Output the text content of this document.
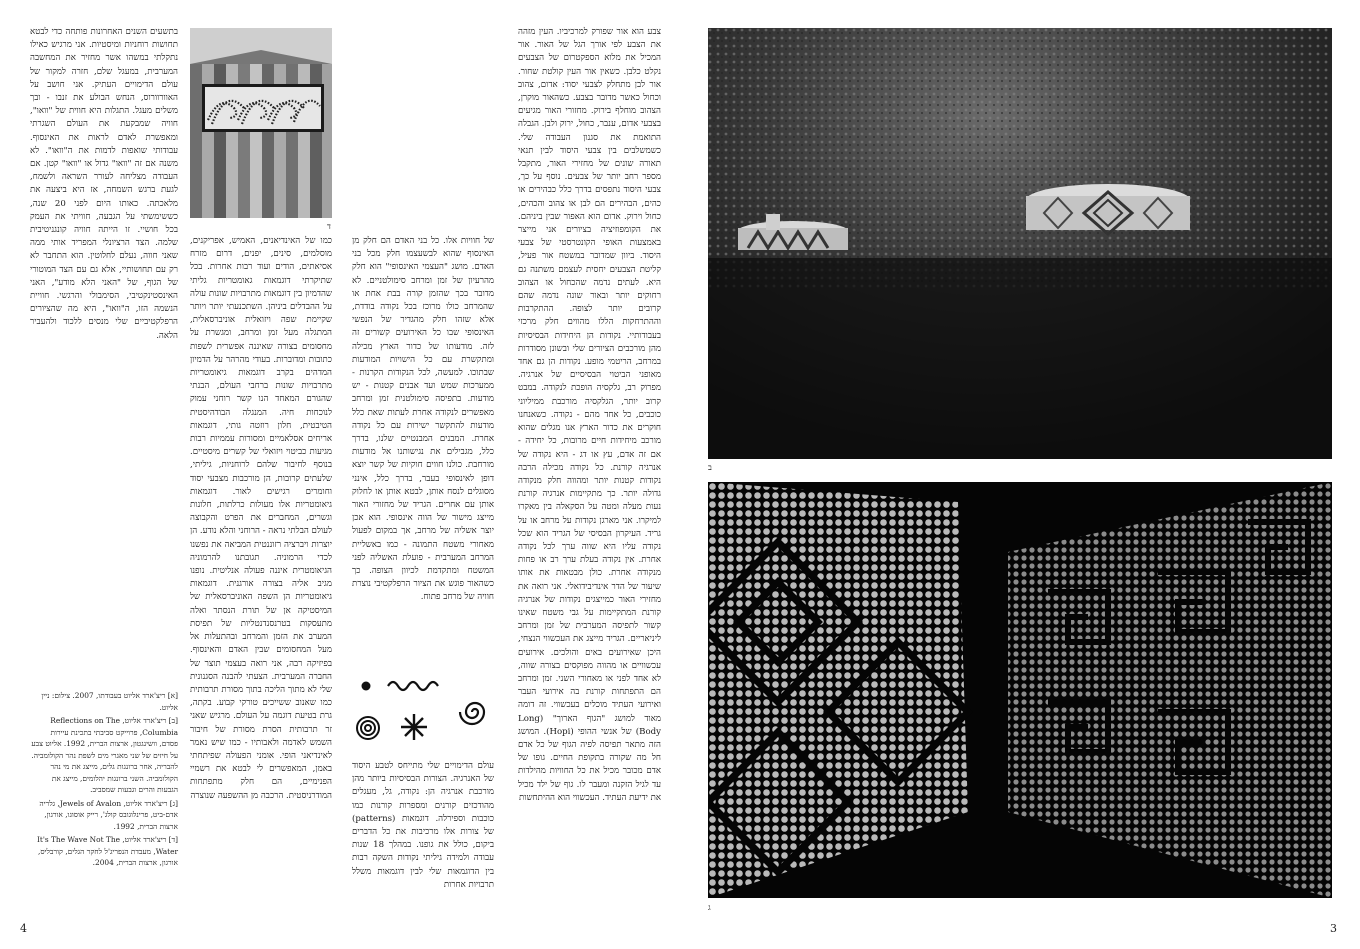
בתשעים השנים האחרונות פותחה כדי לבטא תחושות רוחניות ומיסטיות. אני מרגיש כאילו נתקלתי במשהו אשר מחזיר את המחשבה המערבית, במעגל שלם, חזרה למקור של עולם הדימויים העתיק. אני חושב על האוורוורוס, הנחש הבולע את זנבו - ובך משלים מעגל. התגלות היא חווית של "וואו", חוויה שמבקעת את העולם השגרתי ומאפשרת לאדם לראות את האינסוף. עבודותי שואפות לדמות את ה"וואו". לא משנה אם זה "וואו" גדול או "וואו" קטן. אם העבודה מצליחה לעורר השראה ולשמח, לגעת ברגש השמחה, אז היא ביצעה את מלאכתה. כאותו היום לפני 20 שנה, כששימשתי על הגבעה, חוויתי את העמק בכל חושיי. זו הייתה חוויה קונגניטיבית שלמה. הצד הרציונלי המפריד אותי ממה שאני חווה, נעלם לחלוטין. הוא התחבר לא רק עם תחושותיי, אלא גם עם הצד המוטורי של הגוף, של "האני הלא מודע", האני האינסטינקטיבי, הסימבולי והרגשי. חוויית הנשמה הזו, ה"וואו", היא מה שהציורים הרפלקטיביים שלי מנסים ללכוד ולהעביר הלאה.

ד

כמו של האינדיאנים, האמיש, אפריקנים, מוסלמים, סינים, יפנים, דרום מזרח אסיאתים, הודים ועוד רבות אחרות. בכל שתיקרתי דוגמאות גאומטריות גליתי שהדמיון בין דוגמאות מתרבויות שונות עולה על ההבדלים ביניהן. השתכנעתי יותר ויותר שקיימת שפה ויזואלית אוניברסאלית, המתגלה מעל זמן ומרחב, ומגשרת על מחסומים בצורה שאיננה אפשרית לשפות כתובות ומדוברות. בעודי מהרהר על הדמיון המדהים בקרב דוגמאות גיאומטריות מתרבויות שונות ברחבי העולם, הבנתי שהגורם המאחד הנו קשר רוחני עמוק לנוכחות חיה. המנגלה הבודהיסטית הטיבטית, חלון רוזטה גותי, דוגמאות אריחים אסלאמיים ומסורות עממיות רבות מגיעות כביטוי ויזואלי של קשרים מיסטיים. בנוסף לחיבור שלהם לרוחניות, גיליתי, שלעתים קרובות, הן מורכבות מצבעי יסוד וחומרים רגישים לאור. דוגמאות גיאומטריות אלו מעולות כרלתות, חלונות וגשרים, המחברים את הפרט והקבוצה לעולם הבלתי נראה - הרוחני והלא נודע. הן יוצרות ויברציה רזוננטית המביאה את נפשנו לכדי הרמוניה. תגובתנו להרמוניה הגיאומטרית איננה פעולה אנליטית. נופנו מגיב אליה בצורה אורגנית. דוגמאות גיאומטריות הן השפה האוניברסאלית של המיסטיקה אן של תורת הנסתר ואלה מתעסקות בטרנסנדנטליות של תפיסת המערב את הזמן והמרחב ובהתעלות אל מעל המחסומים שבין האדם והאינסוף. בפיזיקה רבה, אני רואה בעצמי תוצר של החברה המערבית. הצעתי להבנה הסגנונית שלי לא מתוך הליכה בתוך מסורת תרבותית כמו שאנוב ששייכים טורקי קבוע. בקתה, גרת בטיעת דוגמה על העולם. מרגיש שאני זר תרבותית הסרת מסורת של חיבור השמש לאדמה ולאבותיו - כמו שיש נאמר לאינדיאני הופי. אומני הפעולה שפיתחתי באמן, המאפשרים לי לבטא את רשמיי הפנימיים, הם חלק מתפתחות המודרניסטית. הרכבה מן ההשפעה שנוצרה

של חוויות אלו. כל בני האדם הם חלק מן האינסוף שהוא לבשעצמו חלק מכל בני האדם. מושג "העצמי האינסופי" הוא חלק מהרעיון של זמן ומרחב סימולטניים. לא מדובר בכך שהזמן קורה בבת אחת או שהמרחב כולו מרוכז בכל נקודה בודדת, אלא שזהו חלק מהגדיר של הנפשי האינסופי שבו כל האירועים קשורים זה לזה. מודעותו של כדור הארץ מכילה ומתקשרת עם כל הישויות המודעות שבתוכו. למעשה, לכל הנקודות הקרנות - ממערכות שמש ועד אבנים קטנות - יש מודעות. בתפיסה סימולטנית זמן ומרחב מאפשרים לנקודה אחרת לעתות שאת כלל מודעות להתקשר ישירות עם כל נקודה אחרת. המבנים המבנטיים שלנו, בדרך כלל, מגבילים את נגישותנו אל מודעות מורחבת. כולנו חווים חוקיות של קשר יוצא דופן לאינסופי בעבר, בדרך כלל, אינני מסוגלים לנסח אותן, לבטא אותן או לחלוק אותן עם אחרים. הגריד של מחזורי האור מייצג מישור של הווה אינסופי. הוא אכן יוצר אשליה של מרחב, אך במקום לפעול מאחורי משטח התמונה - כמו באשליית המרחב המערבית - פועלת האשליה לפני המשטח ומתקדמת לכיוון הצופה. כך כשהאור פוגש את הציור הרפלקטיבי נוצרת חוויה של מרחב פתוח.

עולם הדימויים שלי מתייחס לטבע היסוד של האנרגיה. הצורות הבסיסיות ביותר מהן מורכבת אנרגיה הן: נקודה, גל, מעגלים מהודכזים קורנים ומספרות קורנות כמו כוכבות וספירלה. דוגמאות (patterns) של צורות אלו מרכיבות את כל הדברים ביקום, כולל את גופנו. במהלך 18 שנות עבודה ולמידה גיליתי נקודות השקה רבות בין הדוגמאות שלי לבין דוגמאות משלל תרבויות אחרות

[א] ריצ'ארד אליוט בעבודתו, 2007. צילום: ניין אליוט.
[ב] ריצ'ארד אליוט, Reflections on The Columbia, פרוייקט סביבתי בתכינת עיירות פסדם, וושינגטון, ארצות הברית, 1992. אליוט צבע על חיזים של שני מאגרי מים לשפת נהר הקולומביה. להבריה, אחר ברונגות גלים, מייצג את מי נהר הקולומביה. השני ברונגות יהלומים, מייצג את הגבעות והרים וגבעות שמסביב.
[ג] ריצ'ארד אליוט, Jewels of Avalon, גלריה אדם-ביט, פרינלוגובס קולג', רייק אוסוגו, אורגון, ארצות הברית, 1992.
[ד] ריצ'ארד אליוט, It's The Wave Not The Water, מעבדת הנפריג'ל לחקר הגלים, קורבליס, אורגון, ארצות הברית, 2004.

צבע הוא אור שפורק למרכיביו. העין מזהה את הצבע לפי אורך הגל של האור. אור המכיל את מלוא הספקטרום של הצבעים נקלט כלבן. כשאין אור העין קולטת שחור. אור לבן מתחלק לצבעי יסוד: אדום, צהוב וכחול כאשר מדובר בצבע. כשהאור מוקרן, הצהוב מוחלף בירוק. מחזורי האור מגיעים בצבעי אדום, ענבר, כחול, ירוק ולבן. הגבלה התואמת את סגנון העבודה שלי. כשמשלבים בין צבעי היסוד לבין תנאי תאורה שונים של מחזירי האור, מתקבל מספר רחב יותר של צבעים. נוסף על כך, צבעי היסוד נתפסים בדרך כלל כבהירים או כהים, הבהירים הם לבן או צהוב והכהים, כחול וירוק. אדום הוא האפור שבין ביניהם. את הקומפוזיציה בציורים אני מייצר באמצעות האופי הקונטרסטי של צבעי היסוד. ביוון שמדובר במשטח אור פעיל, קליטת הצבעים יחסית לעצמם משתנה גם היא. לעתים נדמה שהכחול או הצהוב רחוקים יותר ובאור שונה נדמה שהם קרובים יותר לצופה. ההתקרבות וההתרחקות הללו מהווים חלק מרכזי בעבודותיי. נקודות הן היחידות הבסיסיות מהן מורכבים הציורים שלי ובשונן מסודרות במרחב, הריטמי מופע. נקודות הן גם אחד מאופני הביטוי הבסיסיים של אנרגיה. מפרוק רב, גלקסיה הופכת לנקודה. במבט קרוב יותר, הגלקסיה מורכבת ממיליוני כוכבים, כל אחד מהם - נקודה. כשאנחנו חוקרים את כדור הארץ אנו מגלים שהוא מורכב מיחידות חיים מרובות, כל יחידה - אם זה אדם, עץ או דג - היא נקודה של אנרגיה קורנת. כל נקודה מכילה הרבה נקודות קטנות יותר ומהווה חלק מנקודה גדולה יותר. כך מתקיימות אנרגיה קורנת נעות מעלה ומטה על הסקאלה בין מאקרו למיקרו. אני מארגן נקודות על מרחב או על גריד. העיקרון הבסיסי של הגריד הוא שכל נקודה עליו היא שווה ערך לכל נקודה אחרת. אין נקודה בעלת ערך רב או פחות מנקודה אחרת. כולן מבטאות את אותו שיעור של הדר אינדיבידואלי. אני רואה את מחזירי האור כמייצגים נקודות של אנרגיה קורנת המתקיימות על גבי משטח שאינו קשור לתפיסה המערבית של זמן ומרחב ליניאריים. הגריד מייצג את העכשווי הנצחי, היכן שאירועים באים והולכים. אירועים עכשוויים או מהווה מפוקסים בצורה שווה, לא אחד לפני או מאחורי השני. זמן ומרחב הם התפתחות קורנת בה אירועי העבר ואירועי העתיד מוכלים בעכשווי. זה דומה מאוד למושג "הגוף הארוך" (Long Body) של אנשי ההופי (Hopi). המושג הזה מתאר תפיסה לפיה הגוף של כל אדם חל מה שקורה בתקופת החיים. גופו של אדם מכובר מכיל את כל החוויות מהילדות עד לגיל הזקנה ומעבר לו. גוף של ילד מכיל את ידיעת העתיד. העכשווי הוא ההיתחשות

4
ב
ג
3
